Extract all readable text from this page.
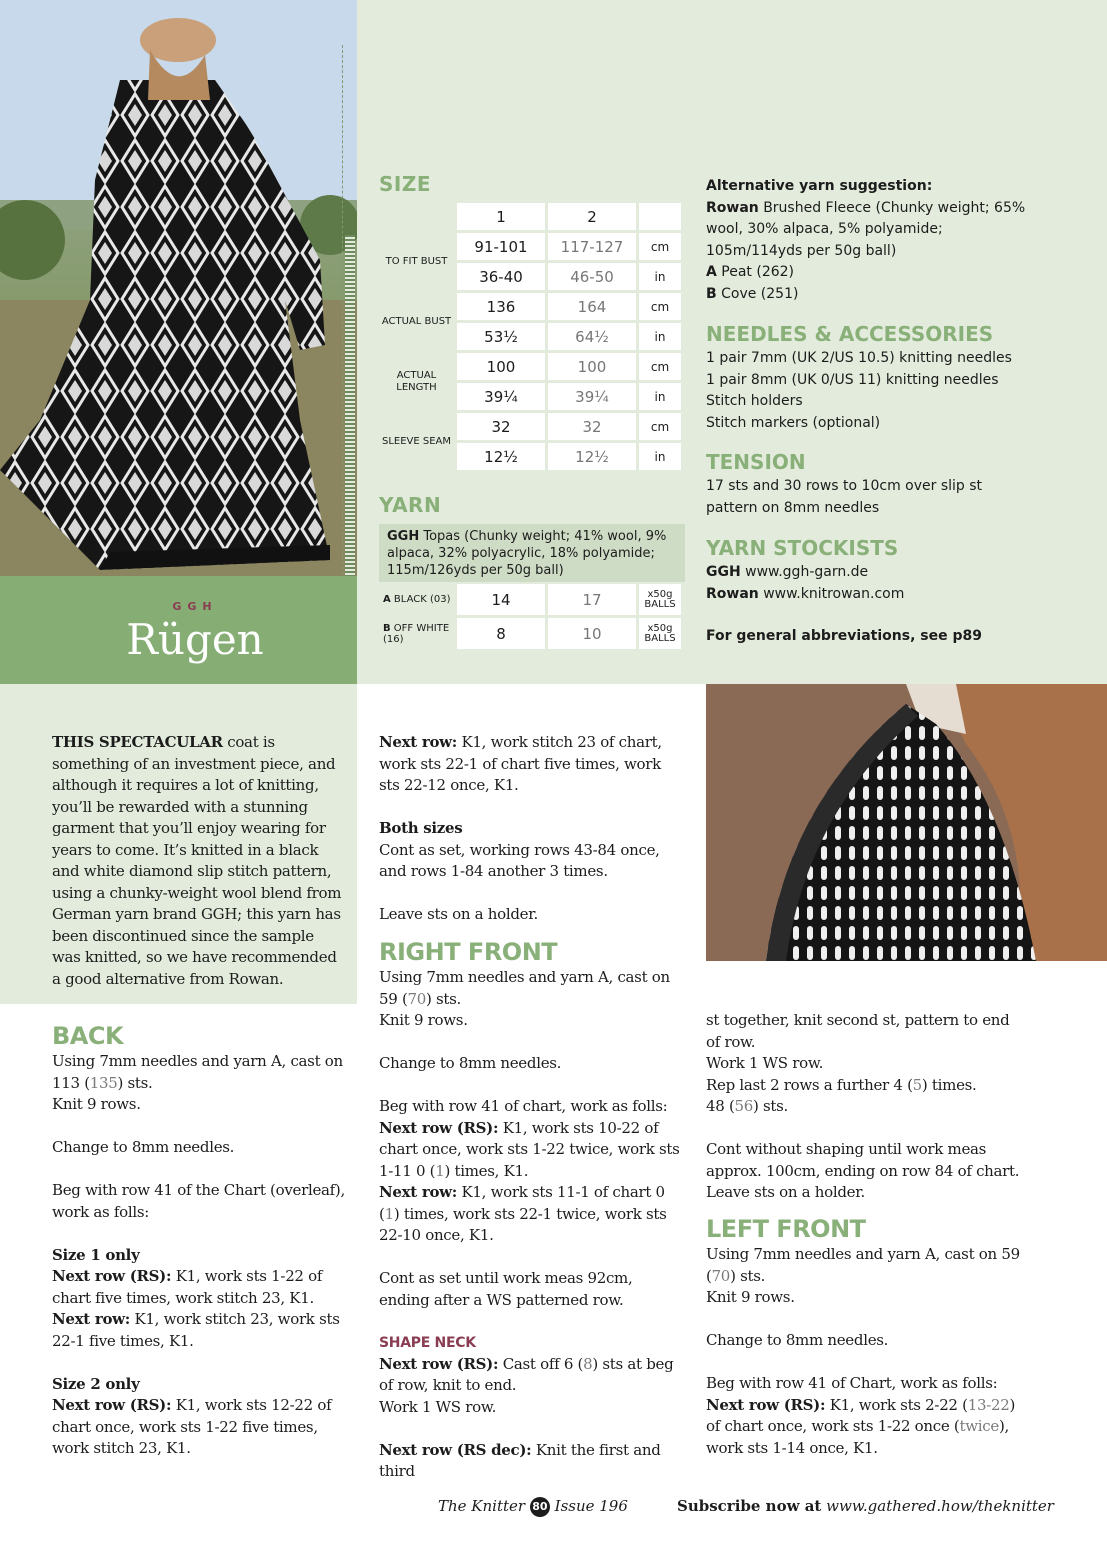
GGH
Rügen
SIZE
	1	2	
TO FIT BUST	91-101	117-127	cm
	36-40	46-50	in
ACTUAL BUST	136	164	cm
	53½	64½	in
ACTUAL LENGTH	100	100	cm
	39¼	39¼	in
SLEEVE SEAM	32	32	cm
	12½	12½	in
YARN
GGH Topas (Chunky weight; 41% wool, 9% alpaca, 32% polyacrylic, 18% polyamide; 115m/126yds per 50g ball)
A BLACK (03)	14	17	x50g BALLS
B OFF WHITE (16)	8	10	x50g BALLS
Alternative yarn suggestion:
Rowan Brushed Fleece (Chunky weight; 65% wool, 30% alpaca, 5% polyamide; 105m/114yds per 50g ball)
A Peat (262)
B Cove (251)
NEEDLES & ACCESSORIES
1 pair 7mm (UK 2/US 10.5) knitting needles
1 pair 8mm (UK 0/US 11) knitting needles
Stitch holders
Stitch markers (optional)
TENSION
17 sts and 30 rows to 10cm over slip st pattern on 8mm needles
YARN STOCKISTS
GGH www.ggh-garn.de
Rowan www.knitrowan.com
For general abbreviations, see p89

THIS SPECTACULAR coat is something of an investment piece, and although it requires a lot of knitting, you’ll be rewarded with a stunning garment that you’ll enjoy wearing for years to come. It’s knitted in a black and white diamond slip stitch pattern, using a chunky-weight wool blend from German yarn brand GGH; this yarn has been discontinued since the sample was knitted, so we have recommended a good alternative from Rowan.

BACK

Using 7mm needles and yarn A, cast on 113 (135) sts.
Knit 9 rows.

Change to 8mm needles.

Beg with row 41 of the Chart (overleaf), work as folls:

Size 1 only
Next row (RS): K1, work sts 1-22 of chart five times, work stitch 23, K1.

Next row: K1, work stitch 23, work sts 22-1 five times, K1.

Size 2 only
Next row (RS): K1, work sts 12-22 of chart once, work sts 1-22 five times, work stitch 23, K1.

Next row: K1, work stitch 23 of chart, work sts 22-1 of chart five times, work sts 22-12 once, K1.

Both sizes

Cont as set, working rows 43-84 once, and rows 1-84 another 3 times.

Leave sts on a holder.
RIGHT FRONT

Using 7mm needles and yarn A, cast on 59 (70) sts.
Knit 9 rows.

Change to 8mm needles.

Beg with row 41 of chart, work as folls:
Next row (RS): K1, work sts 10-22 of chart once, work sts 1-22 twice, work sts 1-11 0 (1) times, K1.

Next row: K1, work sts 11-1 of chart 0 (1) times, work sts 22-1 twice, work sts 22-10 once, K1.

Cont as set until work meas 92cm, ending after a WS patterned row.

SHAPE NECK
Next row (RS): Cast off 6 (8) sts at beg of row, knit to end.

Work 1 WS row.

Next row (RS dec): Knit the first and third
st together, knit second st, pattern to end of row.
Work 1 WS row.
Rep last 2 rows a further 4 (5) times.

48 (56) sts.

Cont without shaping until work meas approx. 100cm, ending on row 84 of chart.
Leave sts on a holder.
LEFT FRONT

Using 7mm needles and yarn A, cast on 59 (70) sts.
Knit 9 rows.

Change to 8mm needles.

Beg with row 41 of Chart, work as folls:
Next row (RS): K1, work sts 2-22 (13-22) of chart once, work sts 1-22 once (twice), work sts 1-14 once, K1.
The Knitter 80 Issue 196	Subscribe now at www.gathered.how/theknitter
